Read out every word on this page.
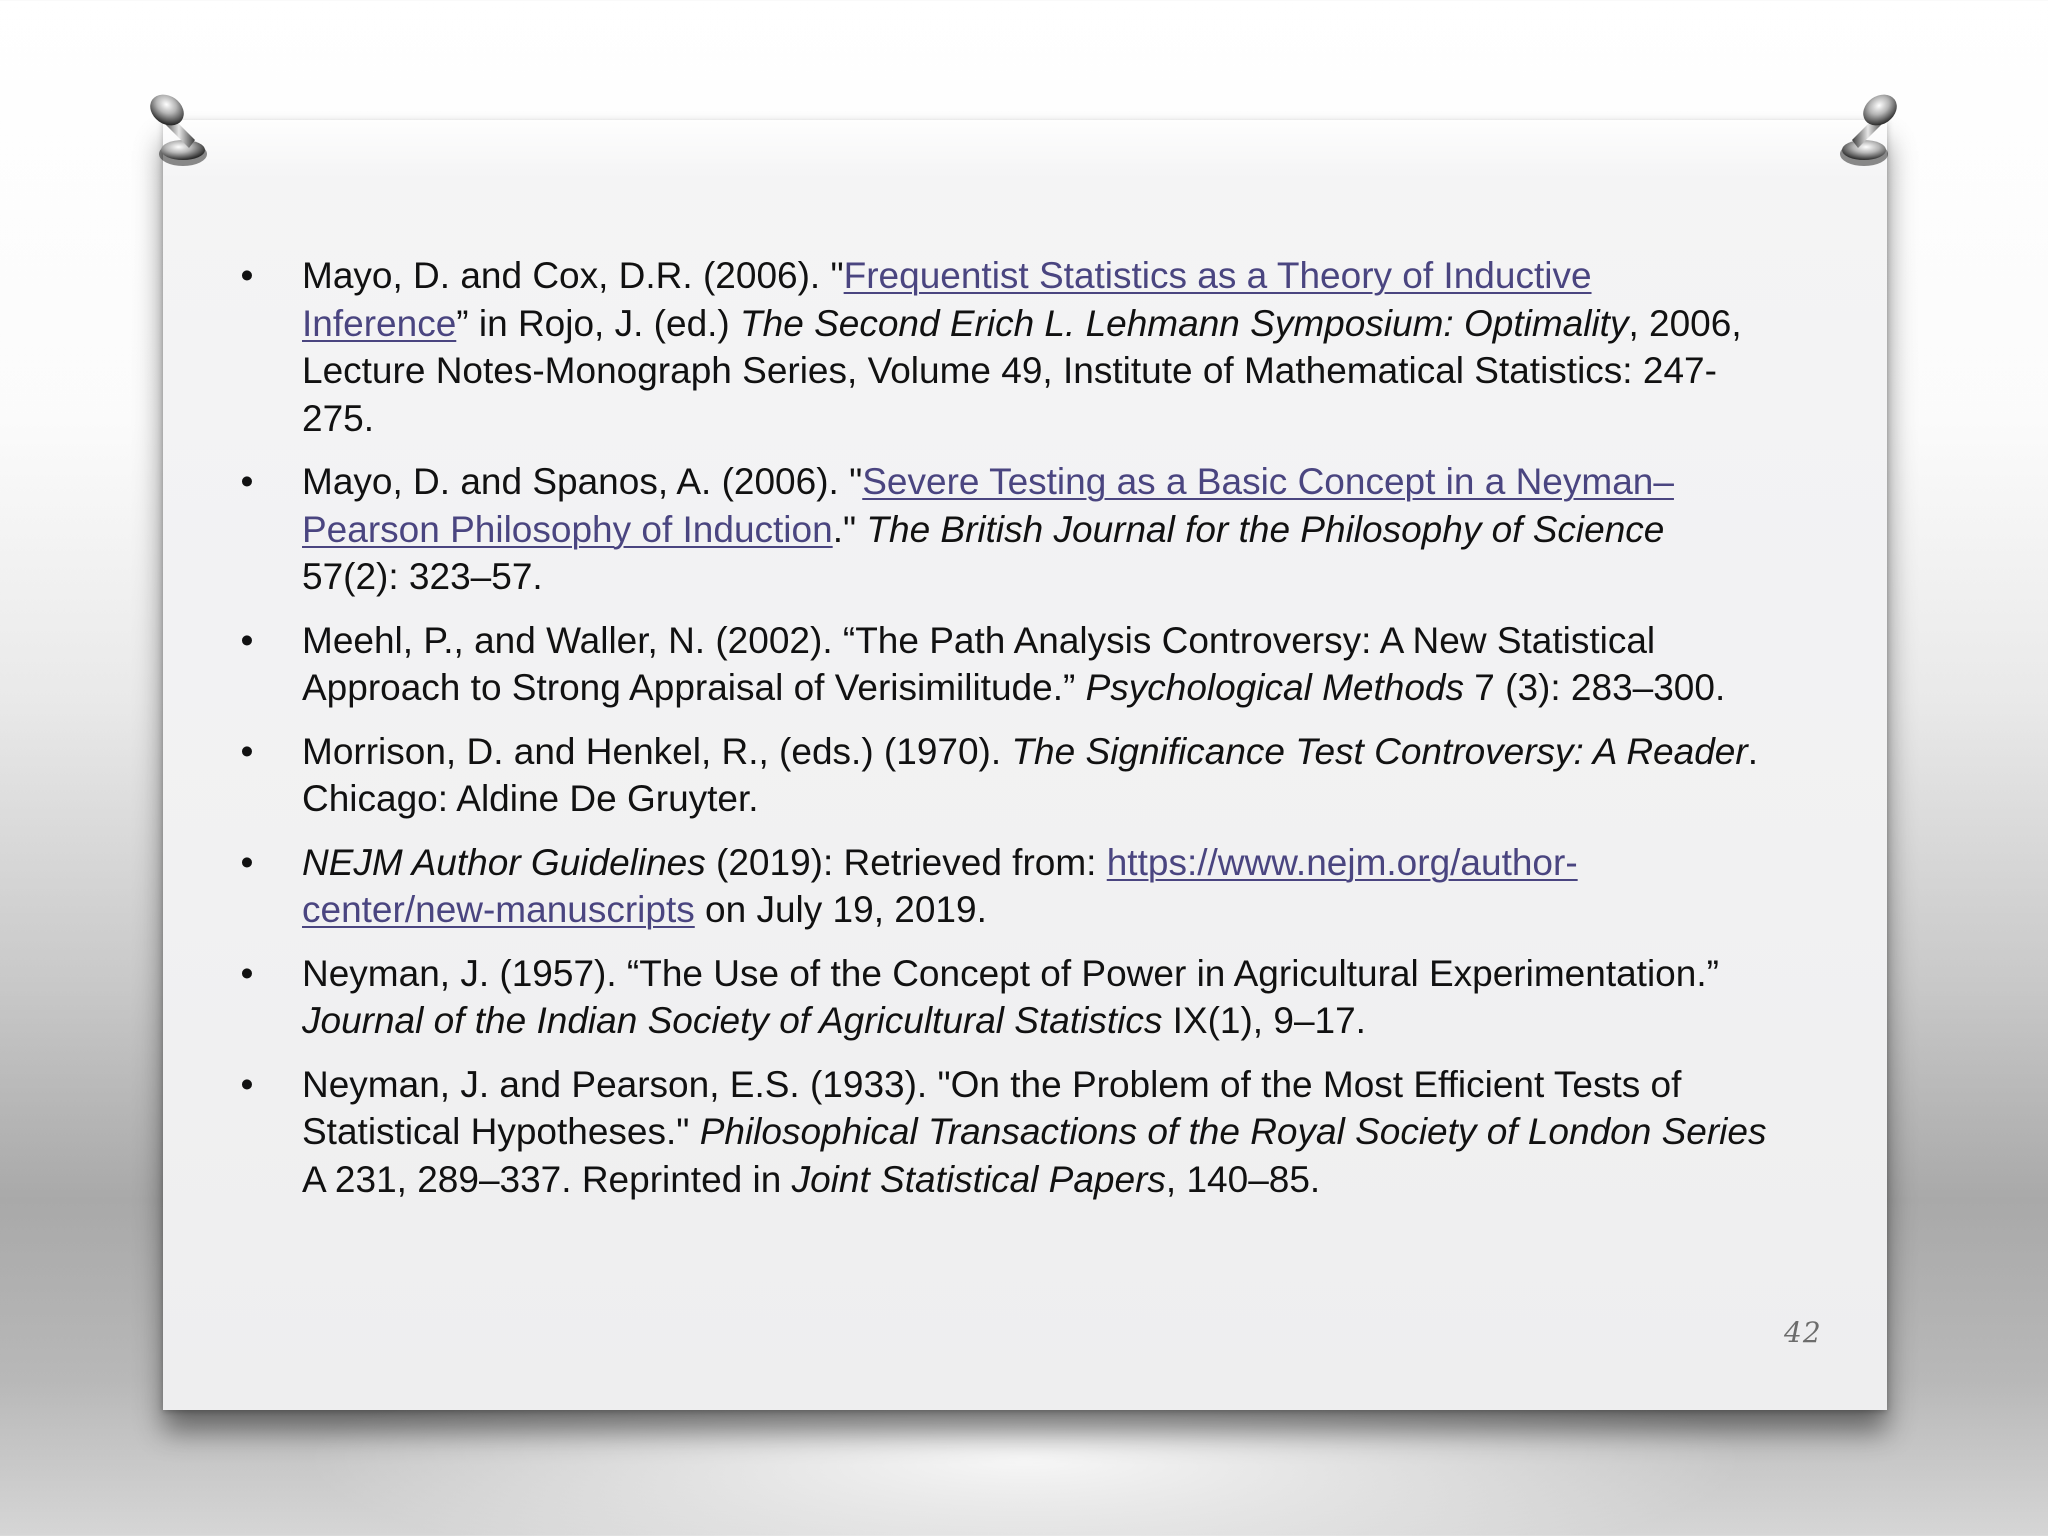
• Mayo, D. and Cox, D.R. (2006). "Frequentist Statistics as a Theory of Inductive Inference” in Rojo, J. (ed.) The Second Erich L. Lehmann Symposium: Optimality, 2006, Lecture Notes-Monograph Series, Volume 49, Institute of Mathematical Statistics: 247-275.
• Mayo, D. and Spanos, A. (2006). "Severe Testing as a Basic Concept in a Neyman–Pearson Philosophy of Induction." The British Journal for the Philosophy of Science 57(2): 323–57.
• Meehl, P., and Waller, N. (2002). “The Path Analysis Controversy: A New Statistical Approach to Strong Appraisal of Verisimilitude.” Psychological Methods 7 (3): 283–300.
• Morrison, D. and Henkel, R., (eds.) (1970). The Significance Test Controversy: A Reader. Chicago: Aldine De Gruyter.
• NEJM Author Guidelines (2019): Retrieved from: https://www.nejm.org/author-center/new-manuscripts on July 19, 2019.
• Neyman, J. (1957). “The Use of the Concept of Power in Agricultural Experimentation.” Journal of the Indian Society of Agricultural Statistics IX(1), 9–17.
• Neyman, J. and Pearson, E.S. (1933). "On the Problem of the Most Efficient Tests of Statistical Hypotheses." Philosophical Transactions of the Royal Society of London Series A 231, 289–337. Reprinted in Joint Statistical Papers, 140–85.
42
